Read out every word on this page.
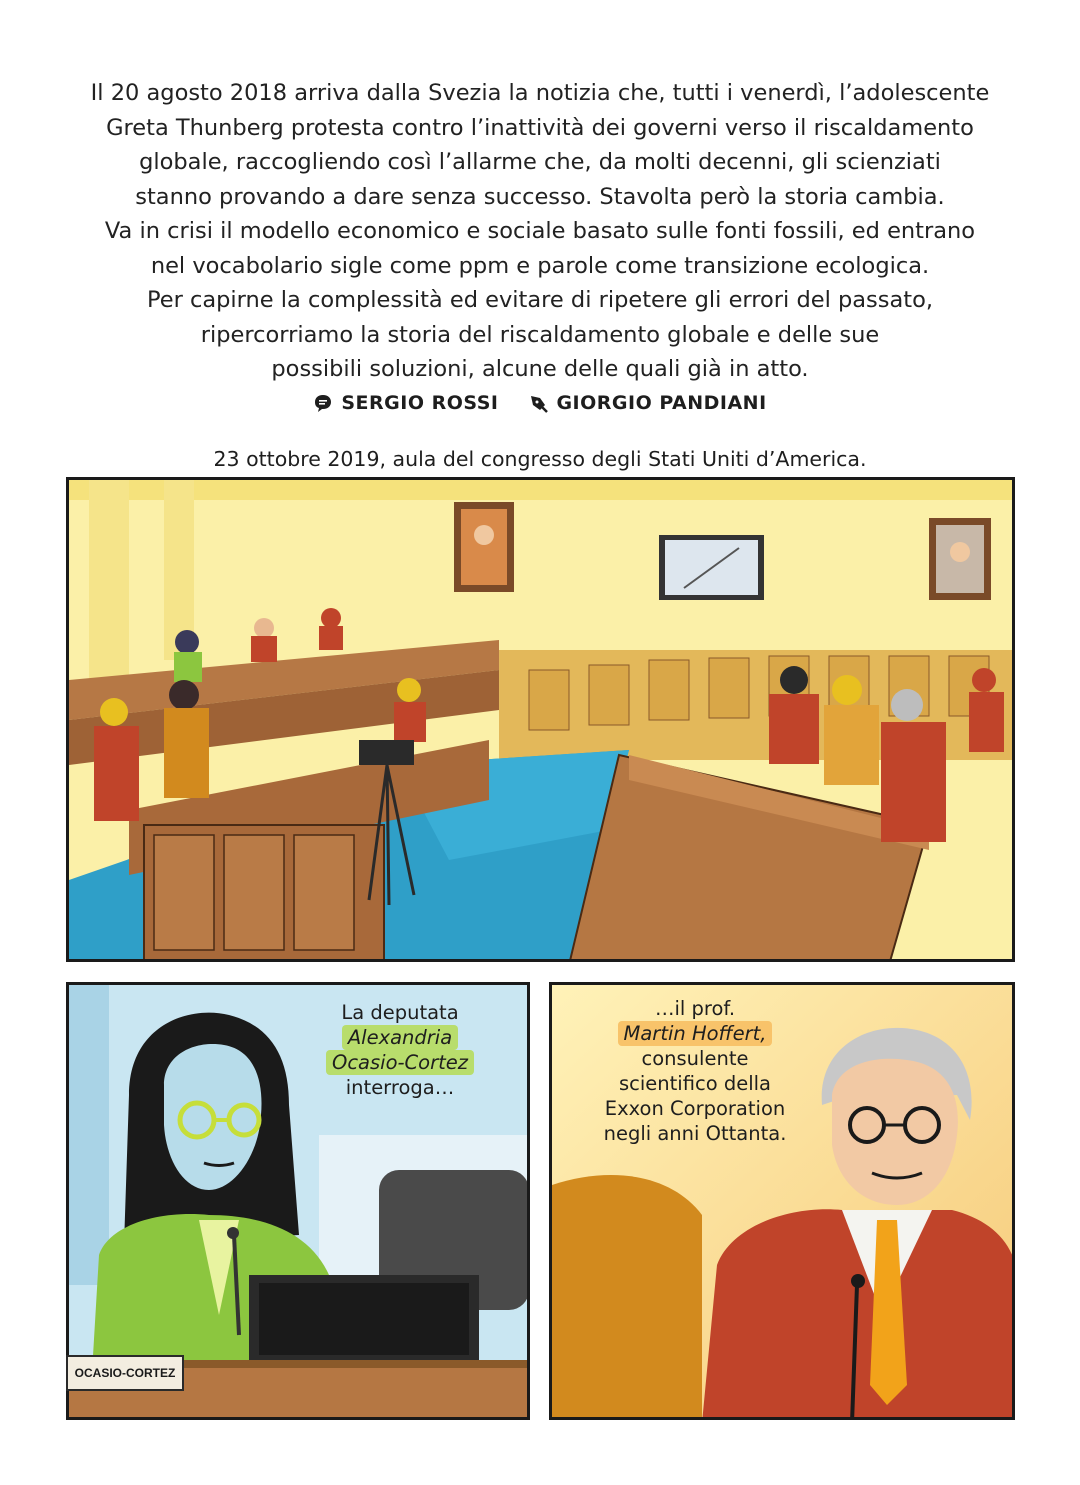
Il 20 agosto 2018 arriva dalla Svezia la notizia che, tutti i venerdì, l’adolescente
Greta Thunberg protesta contro l’inattività dei governi verso il riscaldamento
globale, raccogliendo così l’allarme che, da molti decenni, gli scienziati
stanno provando a dare senza successo. Stavolta però la storia cambia.
Va in crisi il modello economico e sociale basato sulle fonti fossili, ed entrano
nel vocabolario sigle come ppm e parole come transizione ecologica.
Per capirne la complessità ed evitare di ripetere gli errori del passato,
ripercorriamo la storia del riscaldamento globale e delle sue
possibili soluzioni, alcune delle quali già in atto.
SERGIO ROSSI	GIORGIO PANDIANI
23 ottobre 2019, aula del congresso degli Stati Uniti d’America.
OCASIO-CORTEZ
La deputata
Alexandria
Ocasio-Cortez
interroga…
…il prof.
Martin Hoffert,
consulente
scientifico della
Exxon Corporation
negli anni Ottanta.
